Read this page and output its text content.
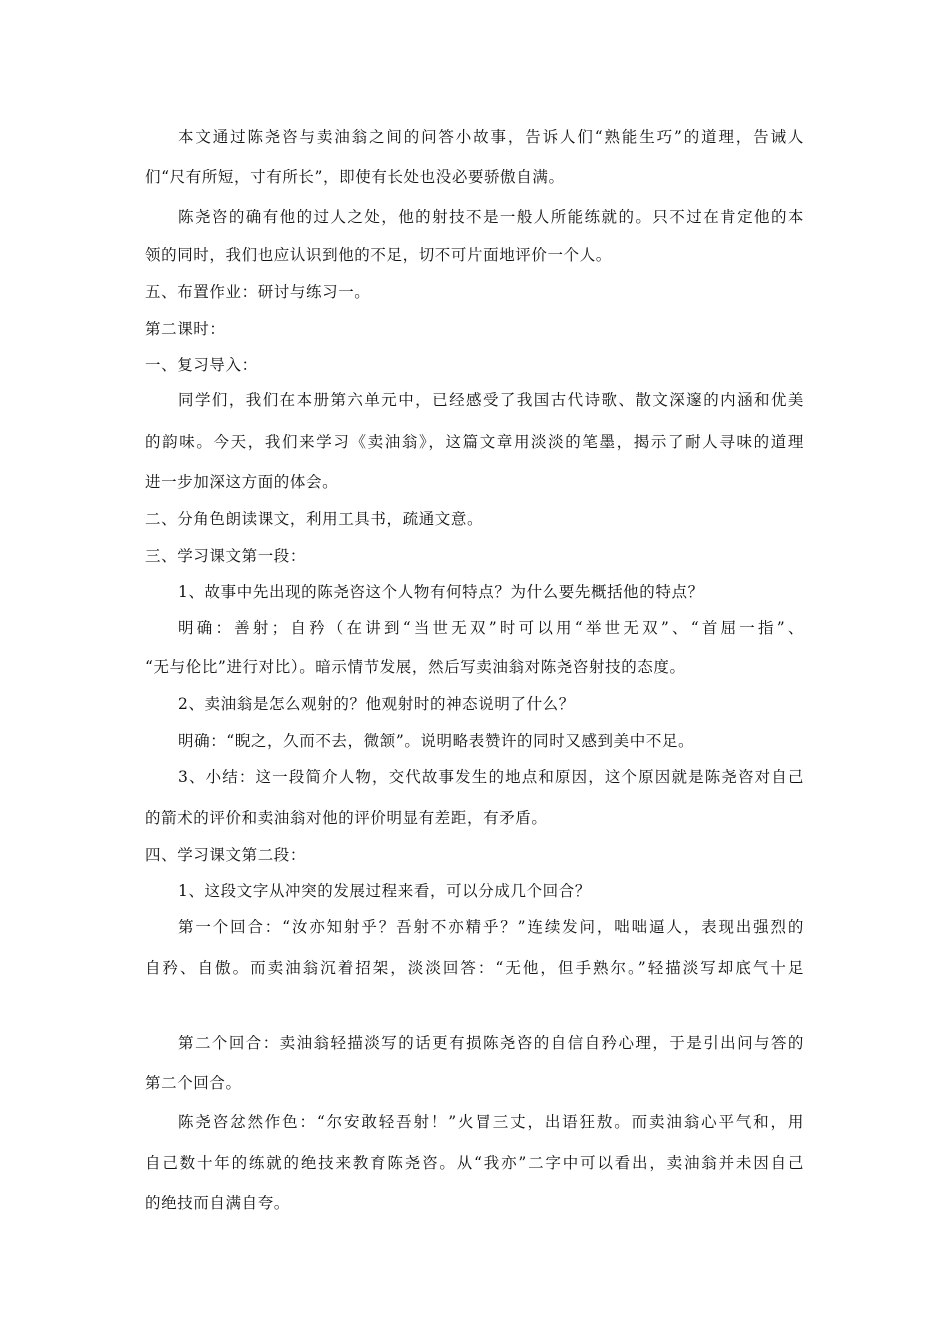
本文通过陈尧咨与卖油翁之间的问答小故事，告诉人们“熟能生巧”的道理，告诫人
们“尺有所短，寸有所长”，即使有长处也没必要骄傲自满。
陈尧咨的确有他的过人之处，他的射技不是一般人所能练就的。只不过在肯定他的本
领的同时，我们也应认识到他的不足，切不可片面地评价一个人。
五、布置作业：研讨与练习一。
第二课时：
一、复习导入：
同学们，我们在本册第六单元中，已经感受了我国古代诗歌、散文深邃的内涵和优美
的韵味。今天，我们来学习《卖油翁》，这篇文章用淡淡的笔墨，揭示了耐人寻味的道理
进一步加深这方面的体会。
二、分角色朗读课文，利用工具书，疏通文意。
三、学习课文第一段：
1、故事中先出现的陈尧咨这个人物有何特点？为什么要先概括他的特点？
明确：善射；自矜（在讲到“当世无双”时可以用“举世无双”、“首屈一指”、
“无与伦比”进行对比）。暗示情节发展，然后写卖油翁对陈尧咨射技的态度。
2、卖油翁是怎么观射的？他观射时的神态说明了什么？
明确：“睨之，久而不去，微颔”。说明略表赞许的同时又感到美中不足。
3、小结：这一段简介人物，交代故事发生的地点和原因，这个原因就是陈尧咨对自己
的箭术的评价和卖油翁对他的评价明显有差距，有矛盾。
四、学习课文第二段：
1、这段文字从冲突的发展过程来看，可以分成几个回合？
第一个回合：“汝亦知射乎？吾射不亦精乎？”连续发问，咄咄逼人，表现出强烈的
自矜、自傲。而卖油翁沉着招架，淡淡回答：“无他，但手熟尔。”轻描淡写却底气十足
第二个回合：卖油翁轻描淡写的话更有损陈尧咨的自信自矜心理，于是引出问与答的
第二个回合。
陈尧咨忿然作色：“尔安敢轻吾射！”火冒三丈，出语狂敖。而卖油翁心平气和，用
自己数十年的练就的绝技来教育陈尧咨。从“我亦”二字中可以看出，卖油翁并未因自己
的绝技而自满自夸。
